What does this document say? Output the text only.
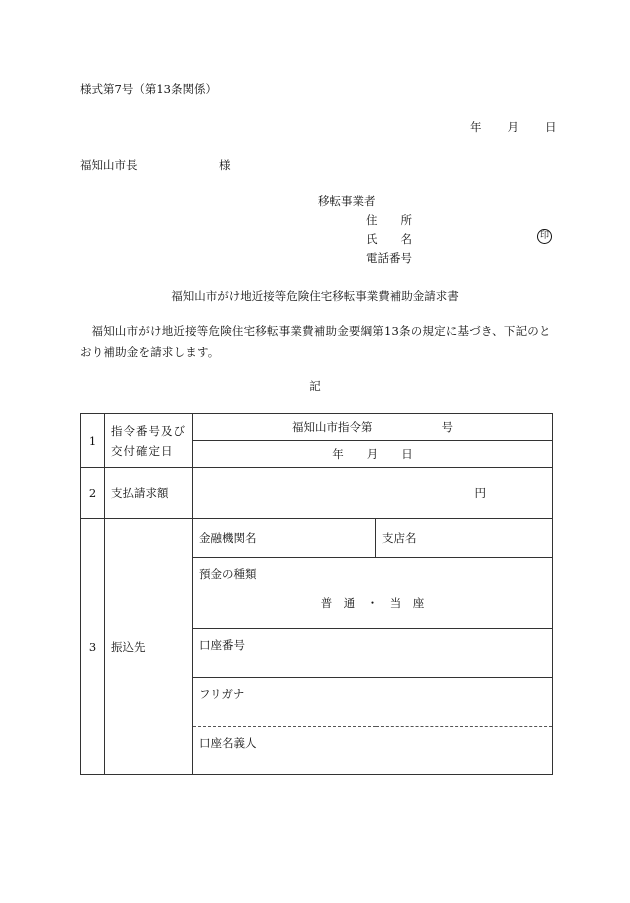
様式第7号（第13条関係）
年 月 日
福知山市長	様
移転事業者
住　　所
氏　　名
電話番号
印
福知山市がけ地近接等危険住宅移転事業費補助金請求書
福知山市がけ地近接等危険住宅移転事業費補助金要綱第13条の規定に基づき、下記のとおり補助金を請求します。
記
1	指令番号及び交付確定日	福知山市指令第　　　　　　号	
		年　　月　　日	
2	支払請求額	円	
3	振込先	金融機関名	支店名

		預金の種類
普　通　・　当　座	

		口座番号	
		フリガナ	
		口座名義人	
